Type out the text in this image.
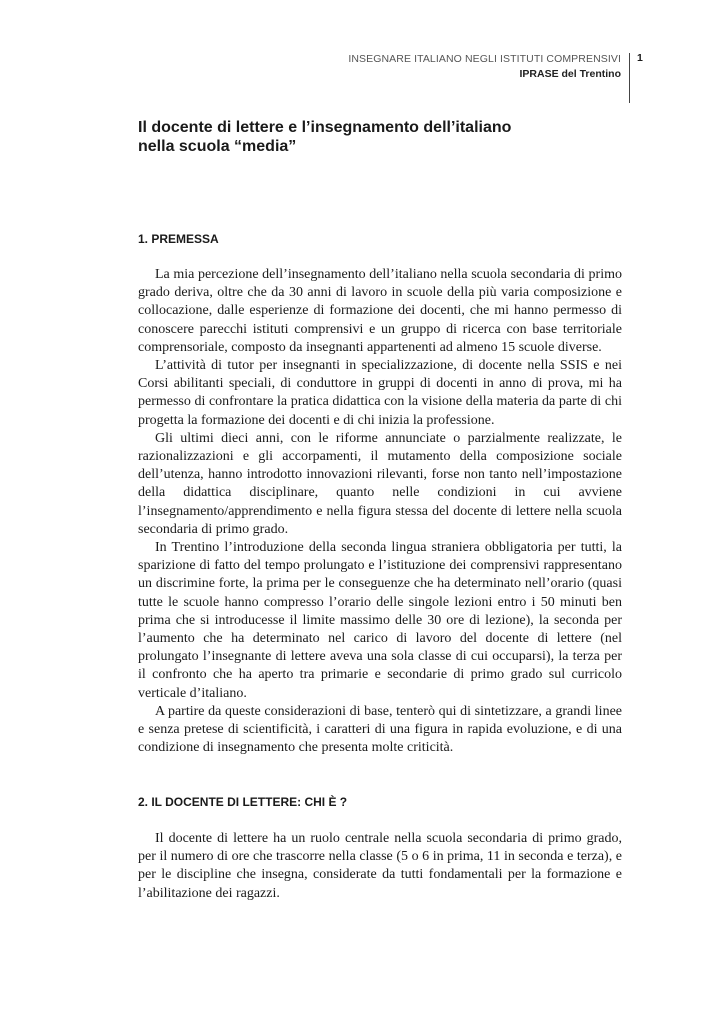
INSEGNARE ITALIANO NEGLI ISTITUTI COMPRENSIVI
IPRASE del Trentino
1
Il docente di lettere e l’insegnamento dell’italiano
nella scuola “media”
1. PREMESSA

La mia percezione dell’insegnamento dell’italiano nella scuola secondaria di primo grado deriva, oltre che da 30 anni di lavoro in scuole della più varia composizione e collocazione, dalle esperienze di formazione dei docenti, che mi hanno permesso di conoscere parecchi istituti comprensivi e un gruppo di ricerca con base territoriale comprensoriale, composto da insegnanti appartenenti ad almeno 15 scuole diverse.

L’attività di tutor per insegnanti in specializzazione, di docente nella SSIS e nei Corsi abilitanti speciali, di conduttore in gruppi di docenti in anno di prova, mi ha permesso di confrontare la pratica didattica con la visione della materia da parte di chi progetta la formazione dei docenti e di chi inizia la professione.

Gli ultimi dieci anni, con le riforme annunciate o parzialmente realizzate, le razionalizzazioni e gli accorpamenti, il mutamento della composizione sociale dell’utenza, hanno introdotto innovazioni rilevanti, forse non tanto nell’impostazione della didattica disciplinare, quanto nelle condizioni in cui avviene l’insegnamento/apprendimento e nella figura stessa del docente di lettere nella scuola secondaria di primo grado.

In Trentino l’introduzione della seconda lingua straniera obbligatoria per tutti, la sparizione di fatto del tempo prolungato e l’istituzione dei comprensivi rappresentano un discrimine forte, la prima per le conseguenze che ha determinato nell’orario (quasi tutte le scuole hanno compresso l’orario delle singole lezioni entro i 50 minuti ben prima che si introducesse il limite massimo delle 30 ore di lezione), la seconda per l’aumento che ha determinato nel carico di lavoro del docente di lettere (nel prolungato l’insegnante di lettere aveva una sola classe di cui occuparsi), la terza per il confronto che ha aperto tra primarie e secondarie di primo grado sul curricolo verticale d’italiano.

A partire da queste considerazioni di base, tenterò qui di sintetizzare, a grandi linee e senza pretese di scientificità, i caratteri di una figura in rapida evoluzione, e di una condizione di insegnamento che presenta molte criticità.

2. IL DOCENTE DI LETTERE: CHI È ?

Il docente di lettere ha un ruolo centrale nella scuola secondaria di primo grado, per il numero di ore che trascorre nella classe (5 o 6 in prima, 11 in seconda e terza), e per le discipline che insegna, considerate da tutti fondamentali per la formazione e l’abilitazione dei ragazzi.
